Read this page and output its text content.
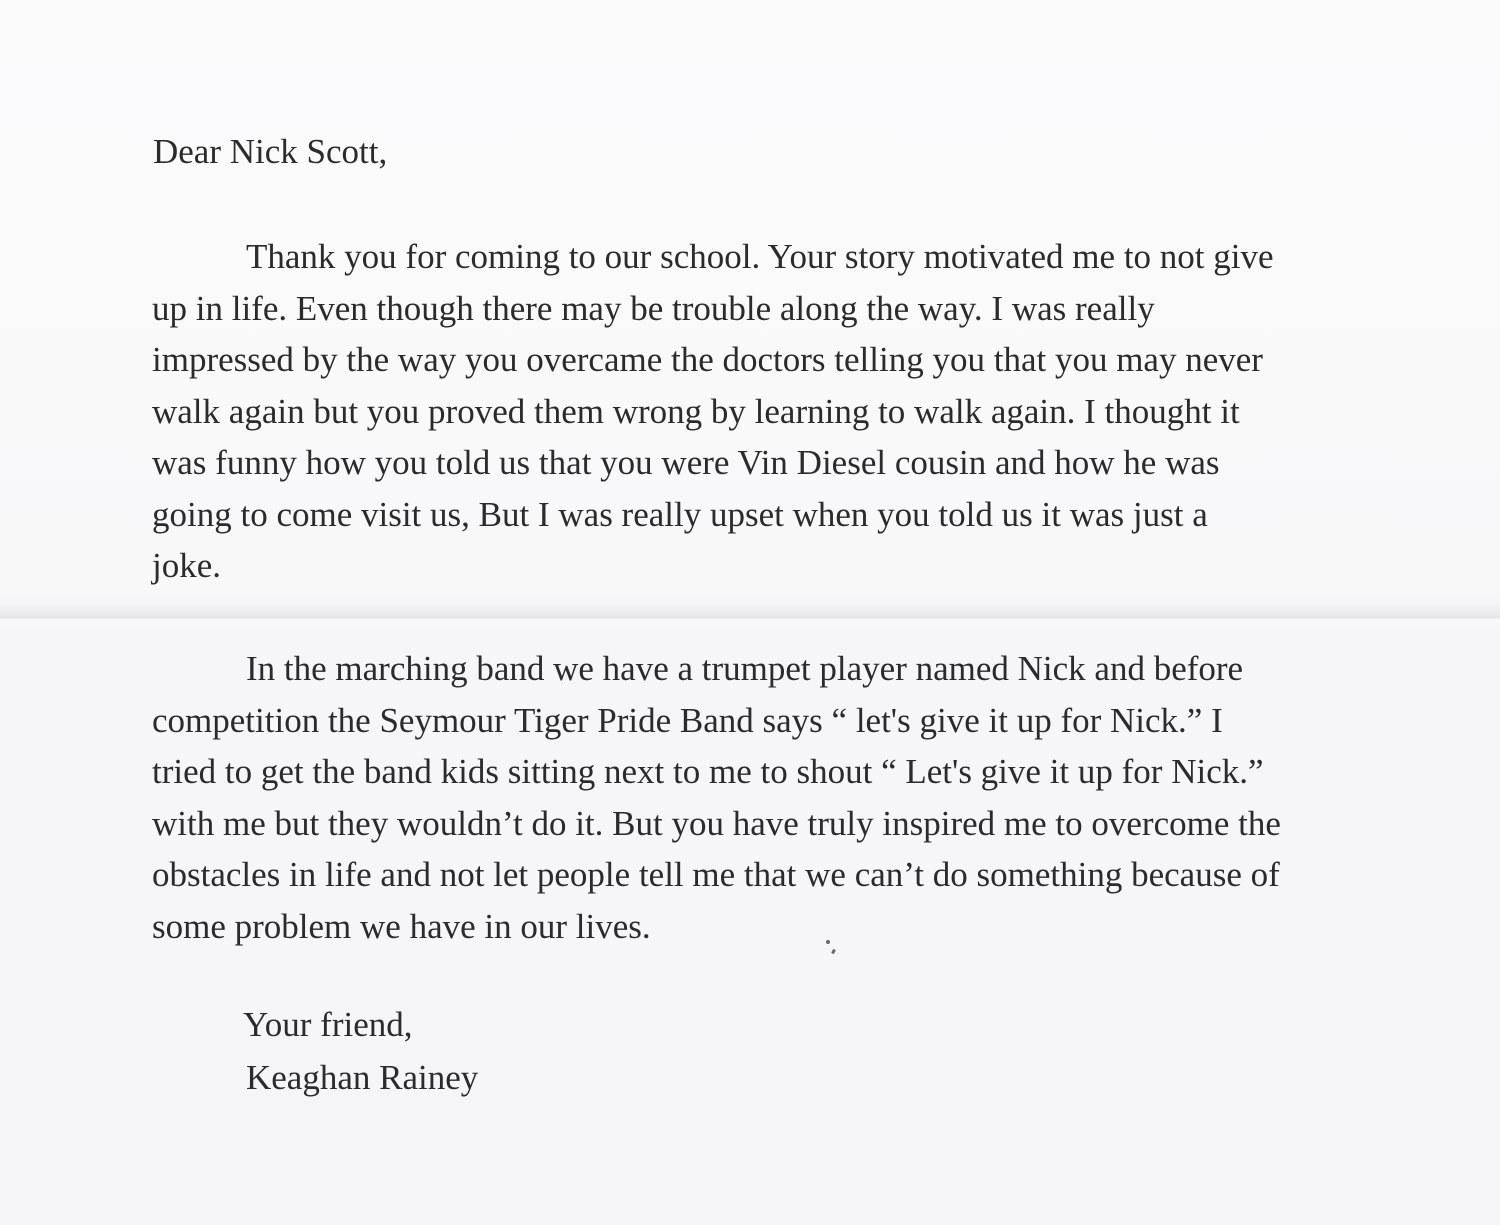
Dear Nick Scott,

Thank you for coming to our school. Your story motivated me to not give
up in life. Even though there may be trouble along the way. I was really
impressed by the way you overcame the doctors telling you that you may never
walk again but you proved them wrong by learning to walk again. I thought it
was funny how you told us that you were Vin Diesel cousin and how he was
going to come visit us, But I was really upset when you told us it was just a
joke.

In the marching band we have a trumpet player named Nick and before
competition the Seymour Tiger Pride Band says “ let's give it up for Nick.” I
tried to get the band kids sitting next to me to shout “ Let's give it up for Nick.”
with me but they wouldn’t do it. But you have truly inspired me to overcome the
obstacles in life and not let people tell me that we can’t do something because of
some problem we have in our lives.

Your friend,

Keaghan Rainey
